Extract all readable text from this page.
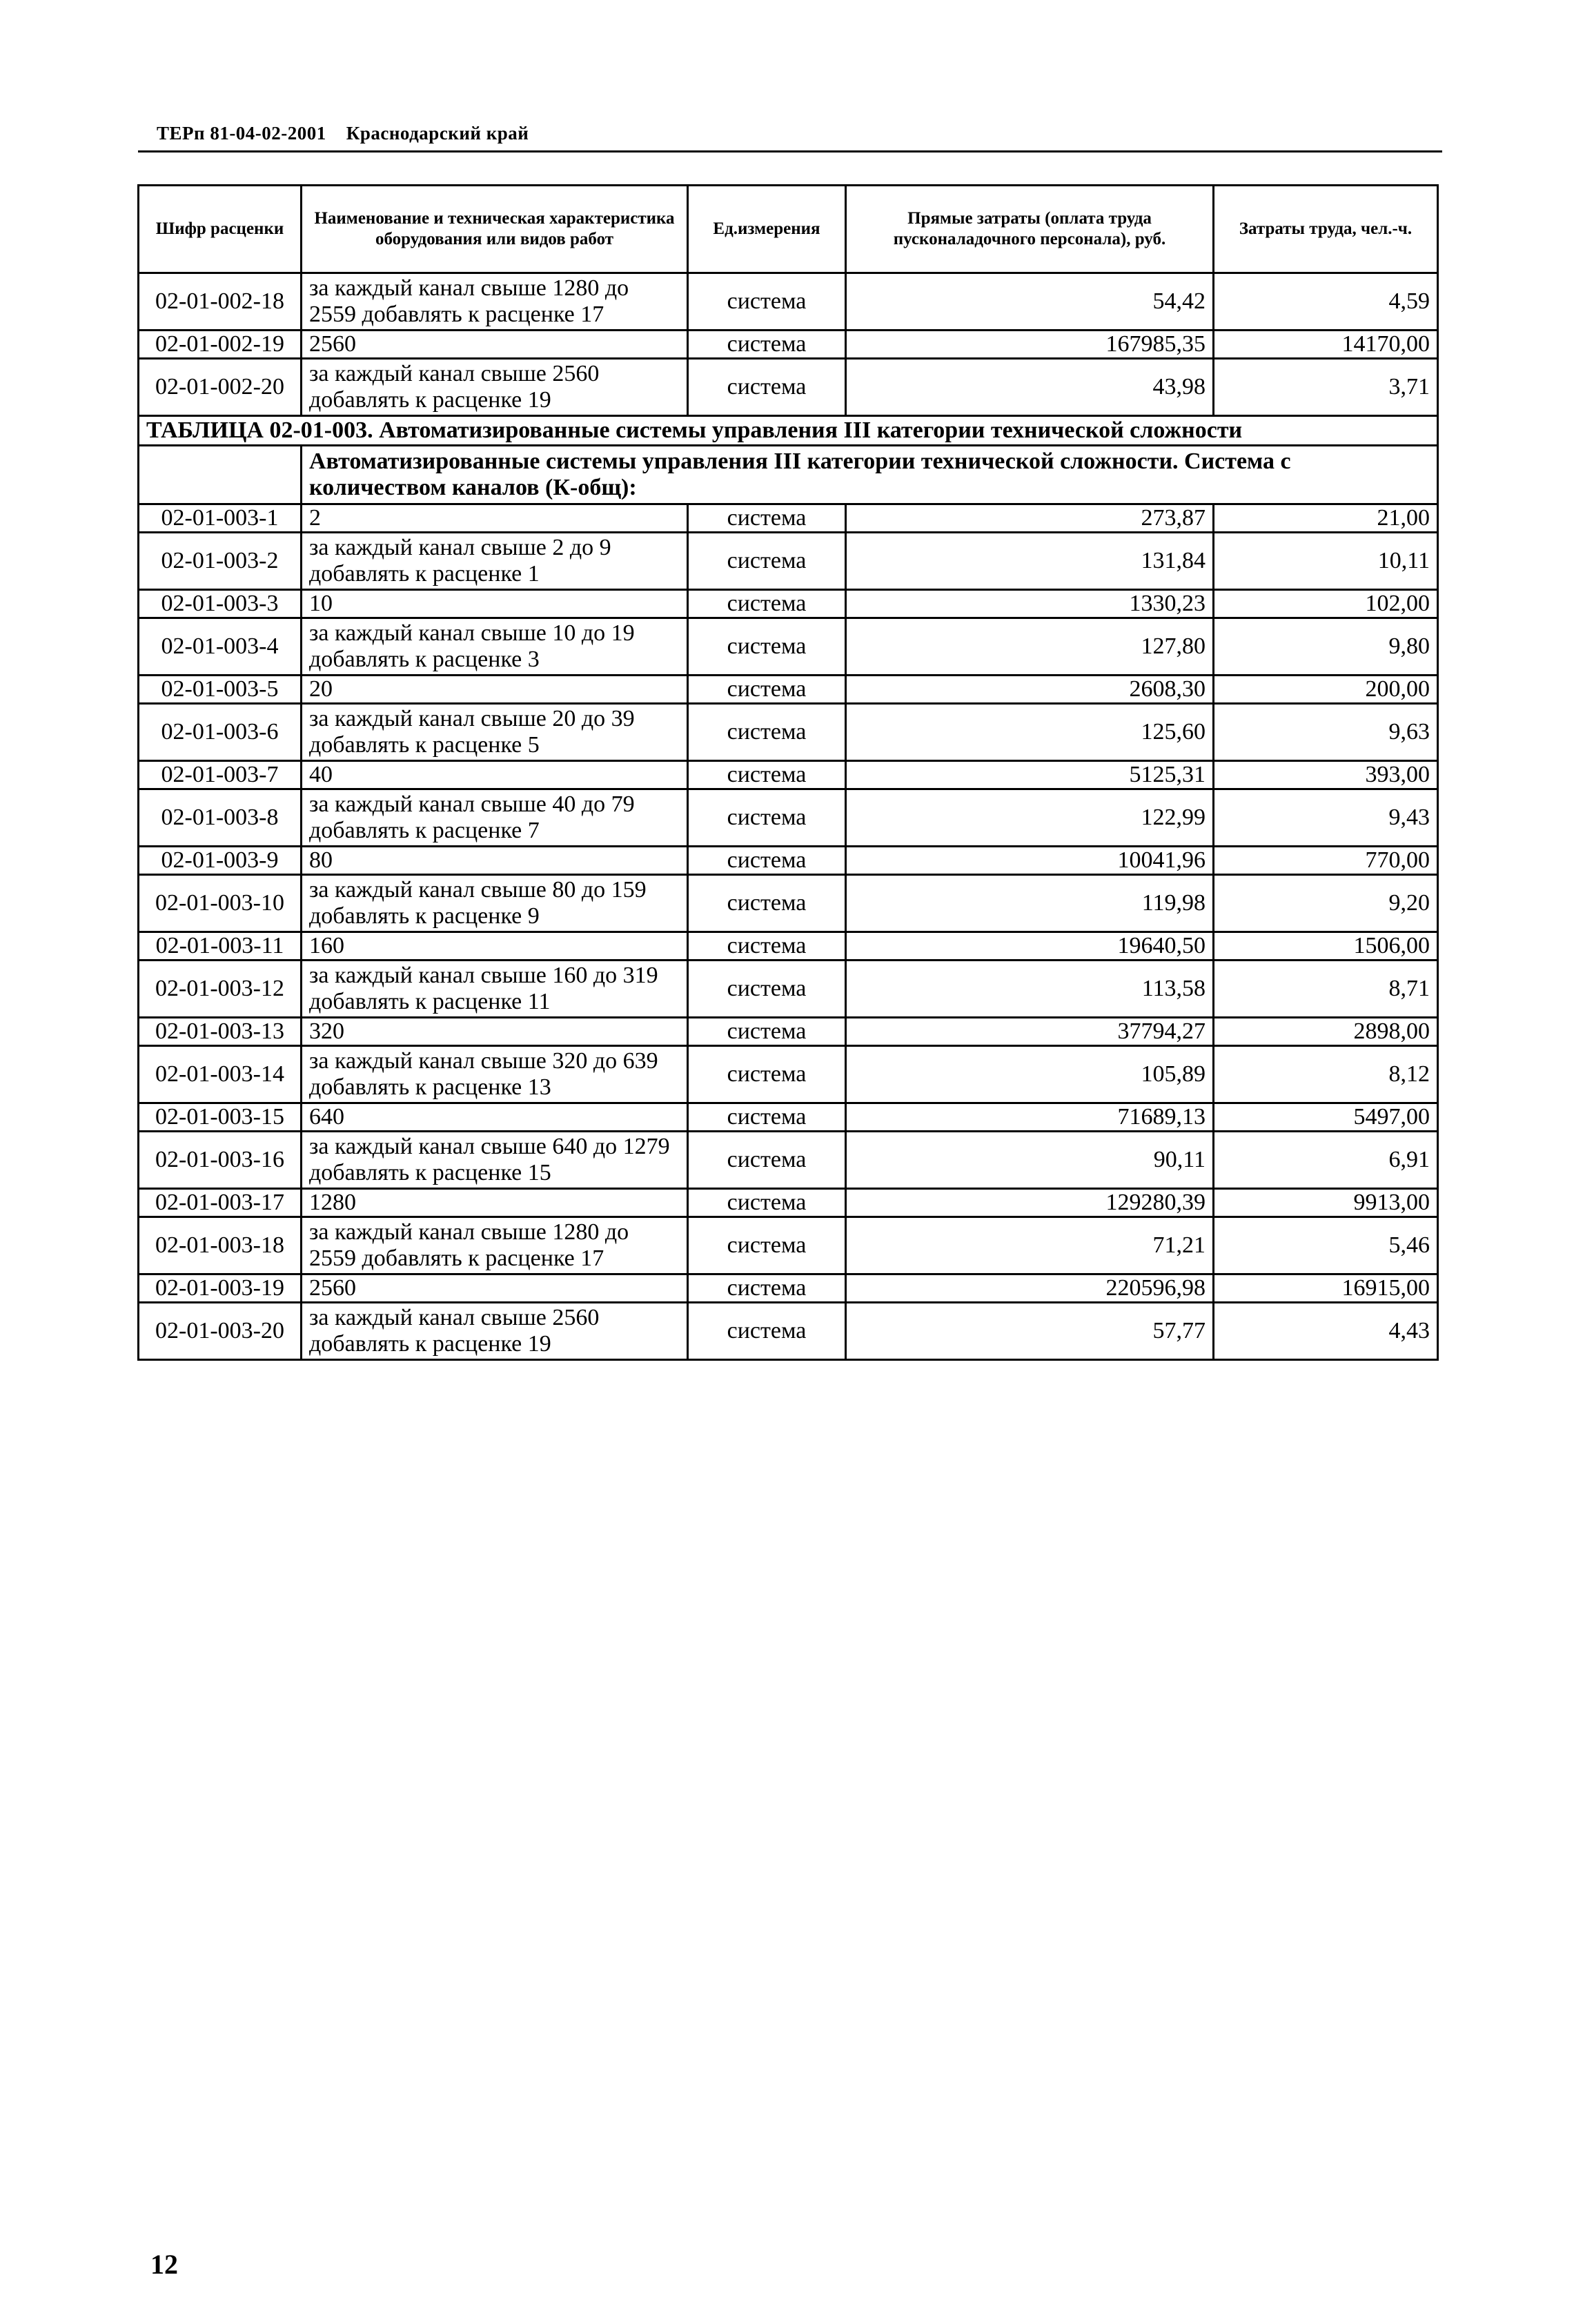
ТЕРп 81-04-02-2001 Краснодарский край
Шифр расценки	Наименование и техническая характеристика оборудования или видов работ	Ед.измерения	Прямые затраты (оплата труда пусконаладочного персонала), руб.	Затраты труда, чел.-ч.
02-01-002-18	за каждый канал свыше 1280 до 2559 добавлять к расценке 17	система	54,42	4,59
02-01-002-19	2560	система	167985,35	14170,00
02-01-002-20	за каждый канал свыше 2560 добавлять к расценке 19	система	43,98	3,71
ТАБЛИЦА 02-01-003. Автоматизированные системы управления III категории технической сложности				
	Автоматизированные системы управления III категории технической сложности. Система с количеством каналов (К-общ):			
02-01-003-1	2	система	273,87	21,00
02-01-003-2	за каждый канал свыше 2 до 9 добавлять к расценке 1	система	131,84	10,11
02-01-003-3	10	система	1330,23	102,00
02-01-003-4	за каждый канал свыше 10 до 19 добавлять к расценке 3	система	127,80	9,80
02-01-003-5	20	система	2608,30	200,00
02-01-003-6	за каждый канал свыше 20 до 39 добавлять к расценке 5	система	125,60	9,63
02-01-003-7	40	система	5125,31	393,00
02-01-003-8	за каждый канал свыше 40 до 79 добавлять к расценке 7	система	122,99	9,43
02-01-003-9	80	система	10041,96	770,00
02-01-003-10	за каждый канал свыше 80 до 159 добавлять к расценке 9	система	119,98	9,20
02-01-003-11	160	система	19640,50	1506,00
02-01-003-12	за каждый канал свыше 160 до 319 добавлять к расценке 11	система	113,58	8,71
02-01-003-13	320	система	37794,27	2898,00
02-01-003-14	за каждый канал свыше 320 до 639 добавлять к расценке 13	система	105,89	8,12
02-01-003-15	640	система	71689,13	5497,00
02-01-003-16	за каждый канал свыше 640 до 1279 добавлять к расценке 15	система	90,11	6,91
02-01-003-17	1280	система	129280,39	9913,00
02-01-003-18	за каждый канал свыше 1280 до 2559 добавлять к расценке 17	система	71,21	5,46
02-01-003-19	2560	система	220596,98	16915,00
02-01-003-20	за каждый канал свыше 2560 добавлять к расценке 19	система	57,77	4,43
12
